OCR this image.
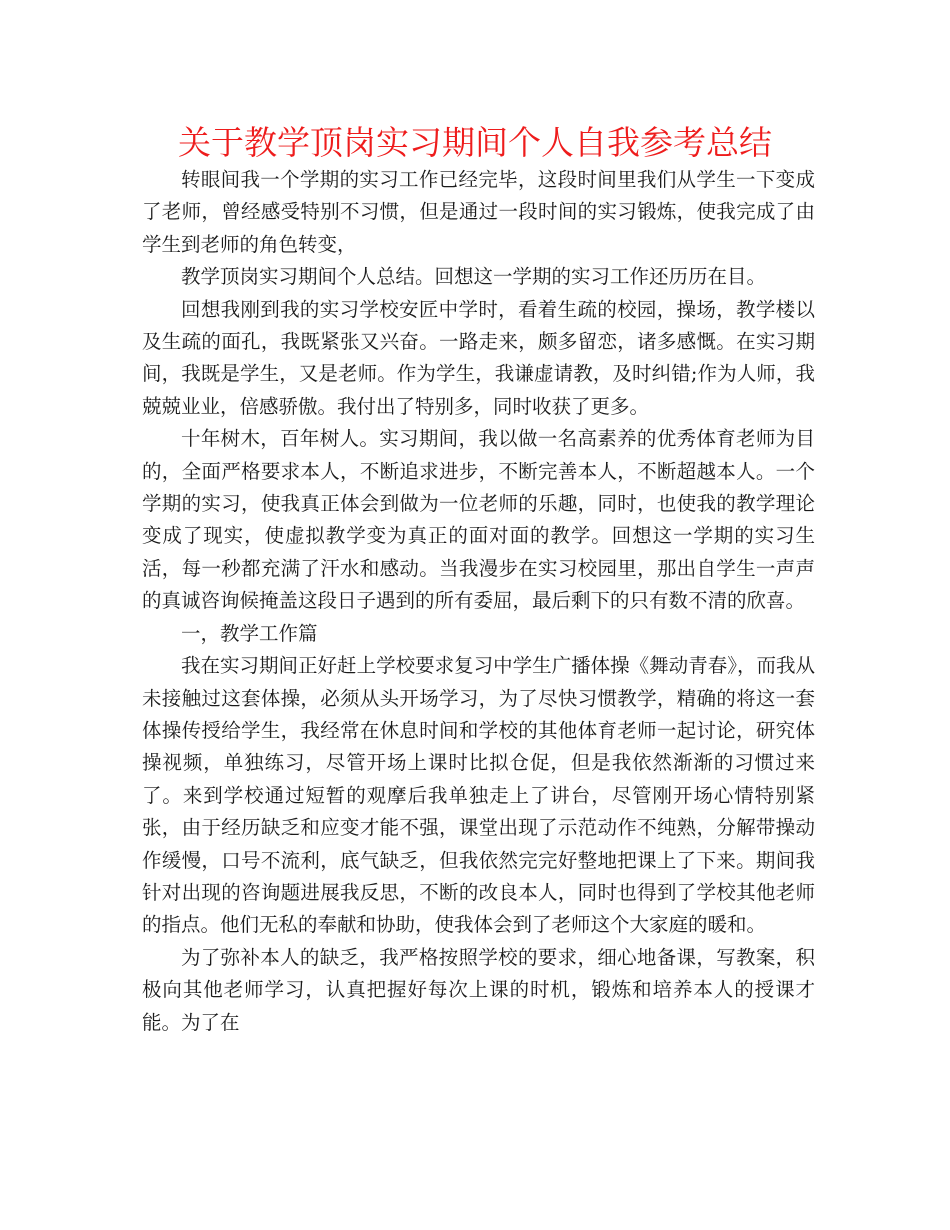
关于教学顶岗实习期间个人自我参考总结

转眼间我一个学期的实习工作已经完毕，这段时间里我们从学生一下变成了老师，曾经感受特别不习惯，但是通过一段时间的实习锻炼，使我完成了由学生到老师的角色转变，

教学顶岗实习期间个人总结。回想这一学期的实习工作还历历在目。

回想我刚到我的实习学校安匠中学时，看着生疏的校园，操场，教学楼以及生疏的面孔，我既紧张又兴奋。一路走来，颇多留恋，诸多感慨。在实习期间，我既是学生，又是老师。作为学生，我谦虚请教，及时纠错;作为人师，我兢兢业业，倍感骄傲。我付出了特别多，同时收获了更多。

十年树木，百年树人。实习期间，我以做一名高素养的优秀体育老师为目的，全面严格要求本人，不断追求进步，不断完善本人，不断超越本人。一个学期的实习，使我真正体会到做为一位老师的乐趣，同时，也使我的教学理论变成了现实，使虚拟教学变为真正的面对面的教学。回想这一学期的实习生活，每一秒都充满了汗水和感动。当我漫步在实习校园里，那出自学生一声声的真诚咨询候掩盖这段日子遇到的所有委屈，最后剩下的只有数不清的欣喜。

一，教学工作篇

我在实习期间正好赶上学校要求复习中学生广播体操《舞动青春》，而我从未接触过这套体操，必须从头开场学习，为了尽快习惯教学，精确的将这一套体操传授给学生，我经常在休息时间和学校的其他体育老师一起讨论，研究体操视频，单独练习，尽管开场上课时比拟仓促，但是我依然渐渐的习惯过来了。来到学校通过短暂的观摩后我单独走上了讲台，尽管刚开场心情特别紧张，由于经历缺乏和应变才能不强，课堂出现了示范动作不纯熟，分解带操动作缓慢，口号不流利，底气缺乏，但我依然完完好整地把课上了下来。期间我针对出现的咨询题进展我反思，不断的改良本人，同时也得到了学校其他老师的指点。他们无私的奉献和协助，使我体会到了老师这个大家庭的暖和。

为了弥补本人的缺乏，我严格按照学校的要求，细心地备课，写教案，积极向其他老师学习，认真把握好每次上课的时机，锻炼和培养本人的授课才能。为了在
